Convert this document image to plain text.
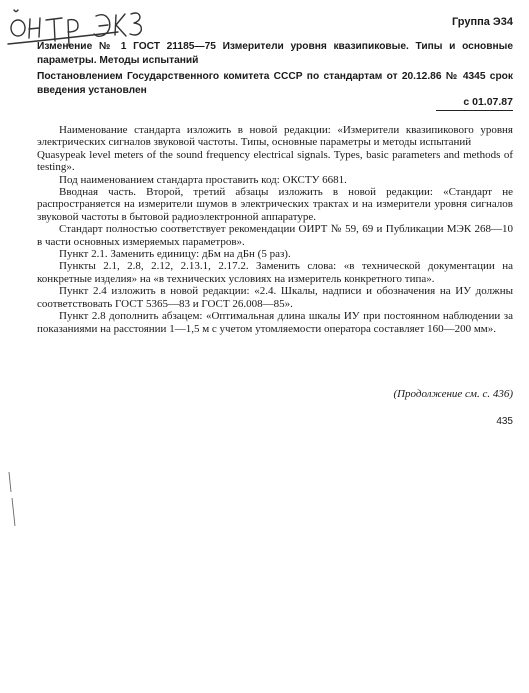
Группа Э34
Изменение № 1 ГОСТ 21185—75 Измерители уровня квазипиковые. Типы и основные параметры. Методы испытаний
Постановлением Государственного комитета СССР по стандартам от 20.12.86 № 4345 срок введения установлен
с 01.07.87

Наименование стандарта изложить в новой редакции: «Измерители квазипикового уровня электрических сигналов звуковой частоты. Типы, основные параметры и методы испытаний

Quasypeak level meters of the sound frequency electrical signals. Types, basic parameters and methods of testing».

Под наименованием стандарта проставить код: ОКСТУ 6681.

Вводная часть. Второй, третий абзацы изложить в новой редакции: «Стандарт не распространяется на измерители шумов в электрических трактах и на измерители уровня сигналов звуковой частоты в бытовой радиоэлектронной аппаратуре.

Стандарт полностью соответствует рекомендации ОИРТ № 59, 69 и Публикации МЭК 268—10 в части основных измеряемых параметров».

Пункт 2.1. Заменить единицу: дБм на дБн (5 раз).

Пункты 2.1, 2.8, 2.12, 2.13.1, 2.17.2. Заменить слова: «в технической документации на конкретные изделия» на «в технических условиях на измеритель конкретного типа».

Пункт 2.4 изложить в новой редакции: «2.4. Шкалы, надписи и обозначения на ИУ должны соответствовать ГОСТ 5365—83 и ГОСТ 26.008—85».

Пункт 2.8 дополнить абзацем: «Оптимальная длина шкалы ИУ при постоянном наблюдении за показаниями на расстоянии 1—1,5 м с учетом утомляемости оператора составляет 160—200 мм».

(Продолжение см. с. 436)
435
